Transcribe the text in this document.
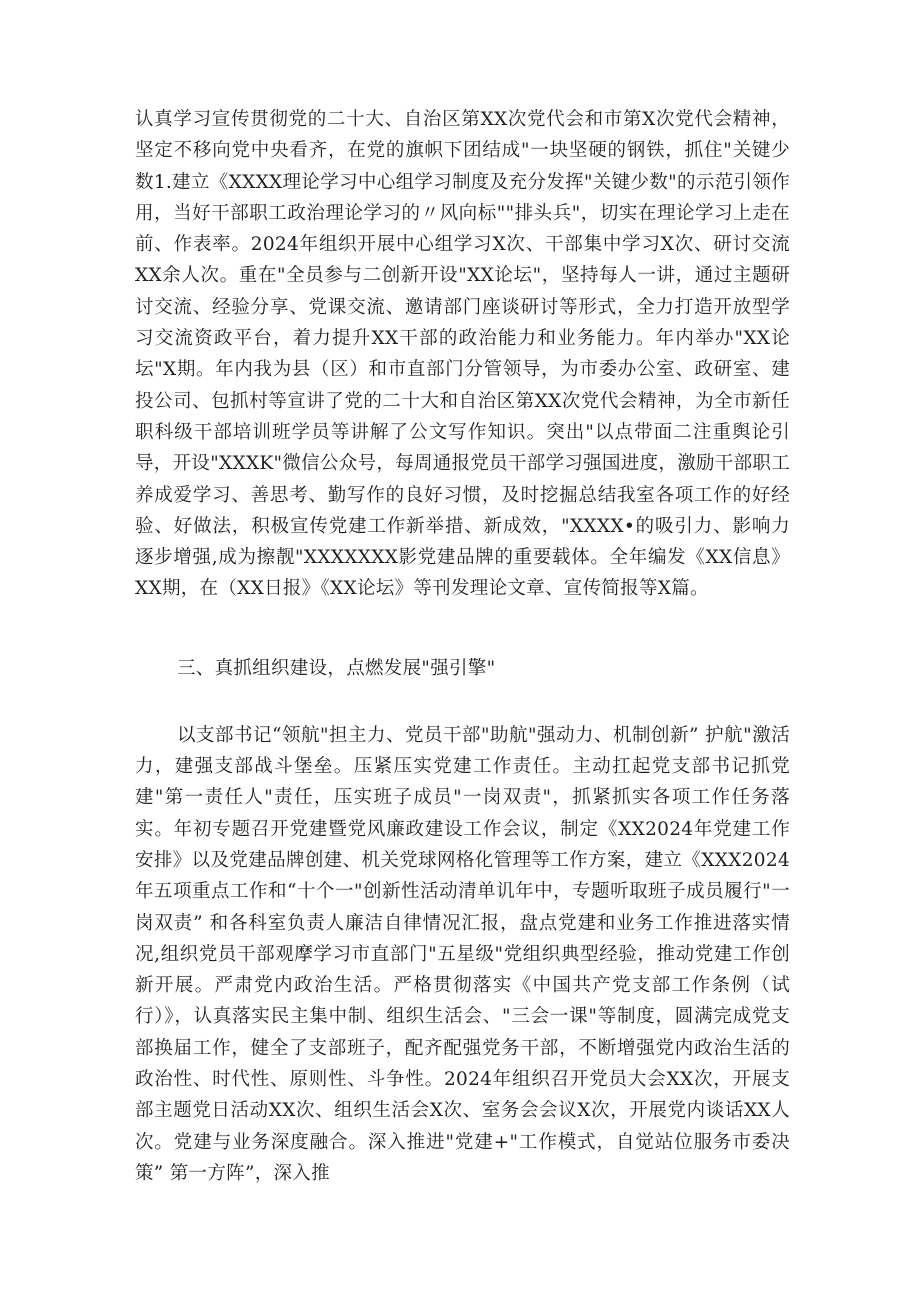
认真学习宣传贯彻党的二十大、自治区第XX次党代会和市第X次党代会精神，坚定不移向党中央看齐，在党的旗帜下团结成"一块坚硬的钢铁，抓住"关键少数1.建立《XXXX理论学习中心组学习制度及充分发挥"关键少数"的示范引领作用，当好干部职工政治理论学习的〃风向标""排头兵"，切实在理论学习上走在前、作表率。2024年组织开展中心组学习X次、干部集中学习X次、研讨交流XX余人次。重在"全员参与二创新开设"XX论坛"，坚持每人一讲，通过主题研讨交流、经验分享、党课交流、邀请部门座谈研讨等形式，全力打造开放型学习交流资政平台，着力提升XX干部的政治能力和业务能力。年内举办"XX论坛"X期。年内我为县（区）和市直部门分管领导，为市委办公室、政研室、建投公司、包抓村等宣讲了党的二十大和自治区第XX次党代会精神，为全市新任职科级干部培训班学员等讲解了公文写作知识。突出"以点带面二注重舆论引导，开设"XXXK"微信公众号，每周通报党员干部学习强国进度，激励干部职工养成爱学习、善思考、勤写作的良好习惯，及时挖掘总结我室各项工作的好经验、好做法，积极宣传党建工作新举措、新成效，"XXXX•的吸引力、影响力逐步增强,成为擦靓"XXXXXXX影党建品牌的重要载体。全年编发《XX信息》XX期，在（XX日报》《XX论坛》等刊发理论文章、宣传简报等X篇。

三、真抓组织建设，点燃发展"强引擎"

以支部书记“领航"担主力、党员干部"助航"强动力、机制创新” 护航"激活力，建强支部战斗堡垒。压紧压实党建工作责任。主动扛起党支部书记抓党建"第一责任人"责任，压实班子成员"一岗双责"，抓紧抓实各项工作任务落实。年初专题召开党建暨党风廉政建设工作会议，制定《XX2024年党建工作安排》以及党建品牌创建、机关党球网格化管理等工作方案，建立《XXX2024年五项重点工作和“十个一"创新性活动清单讥年中，专题听取班子成员履行"一岗双责” 和各科室负责人廉洁自律情况汇报，盘点党建和业务工作推进落实情况,组织党员干部观摩学习市直部门"五星级"党组织典型经验，推动党建工作创新开展。严肃党内政治生活。严格贯彻落实《中国共产党支部工作条例（试行）》，认真落实民主集中制、组织生活会、"三会一课"等制度，圆满完成党支部换届工作，健全了支部班子，配齐配强党务干部，不断增强党内政治生活的政治性、时代性、原则性、斗争性。2024年组织召开党员大会XX次，开展支部主题党日活动XX次、组织生活会X次、室务会会议X次，开展党内谈话XX人次。党建与业务深度融合。深入推进"党建+"工作模式，自觉站位服务市委决策” 第一方阵”，深入推
